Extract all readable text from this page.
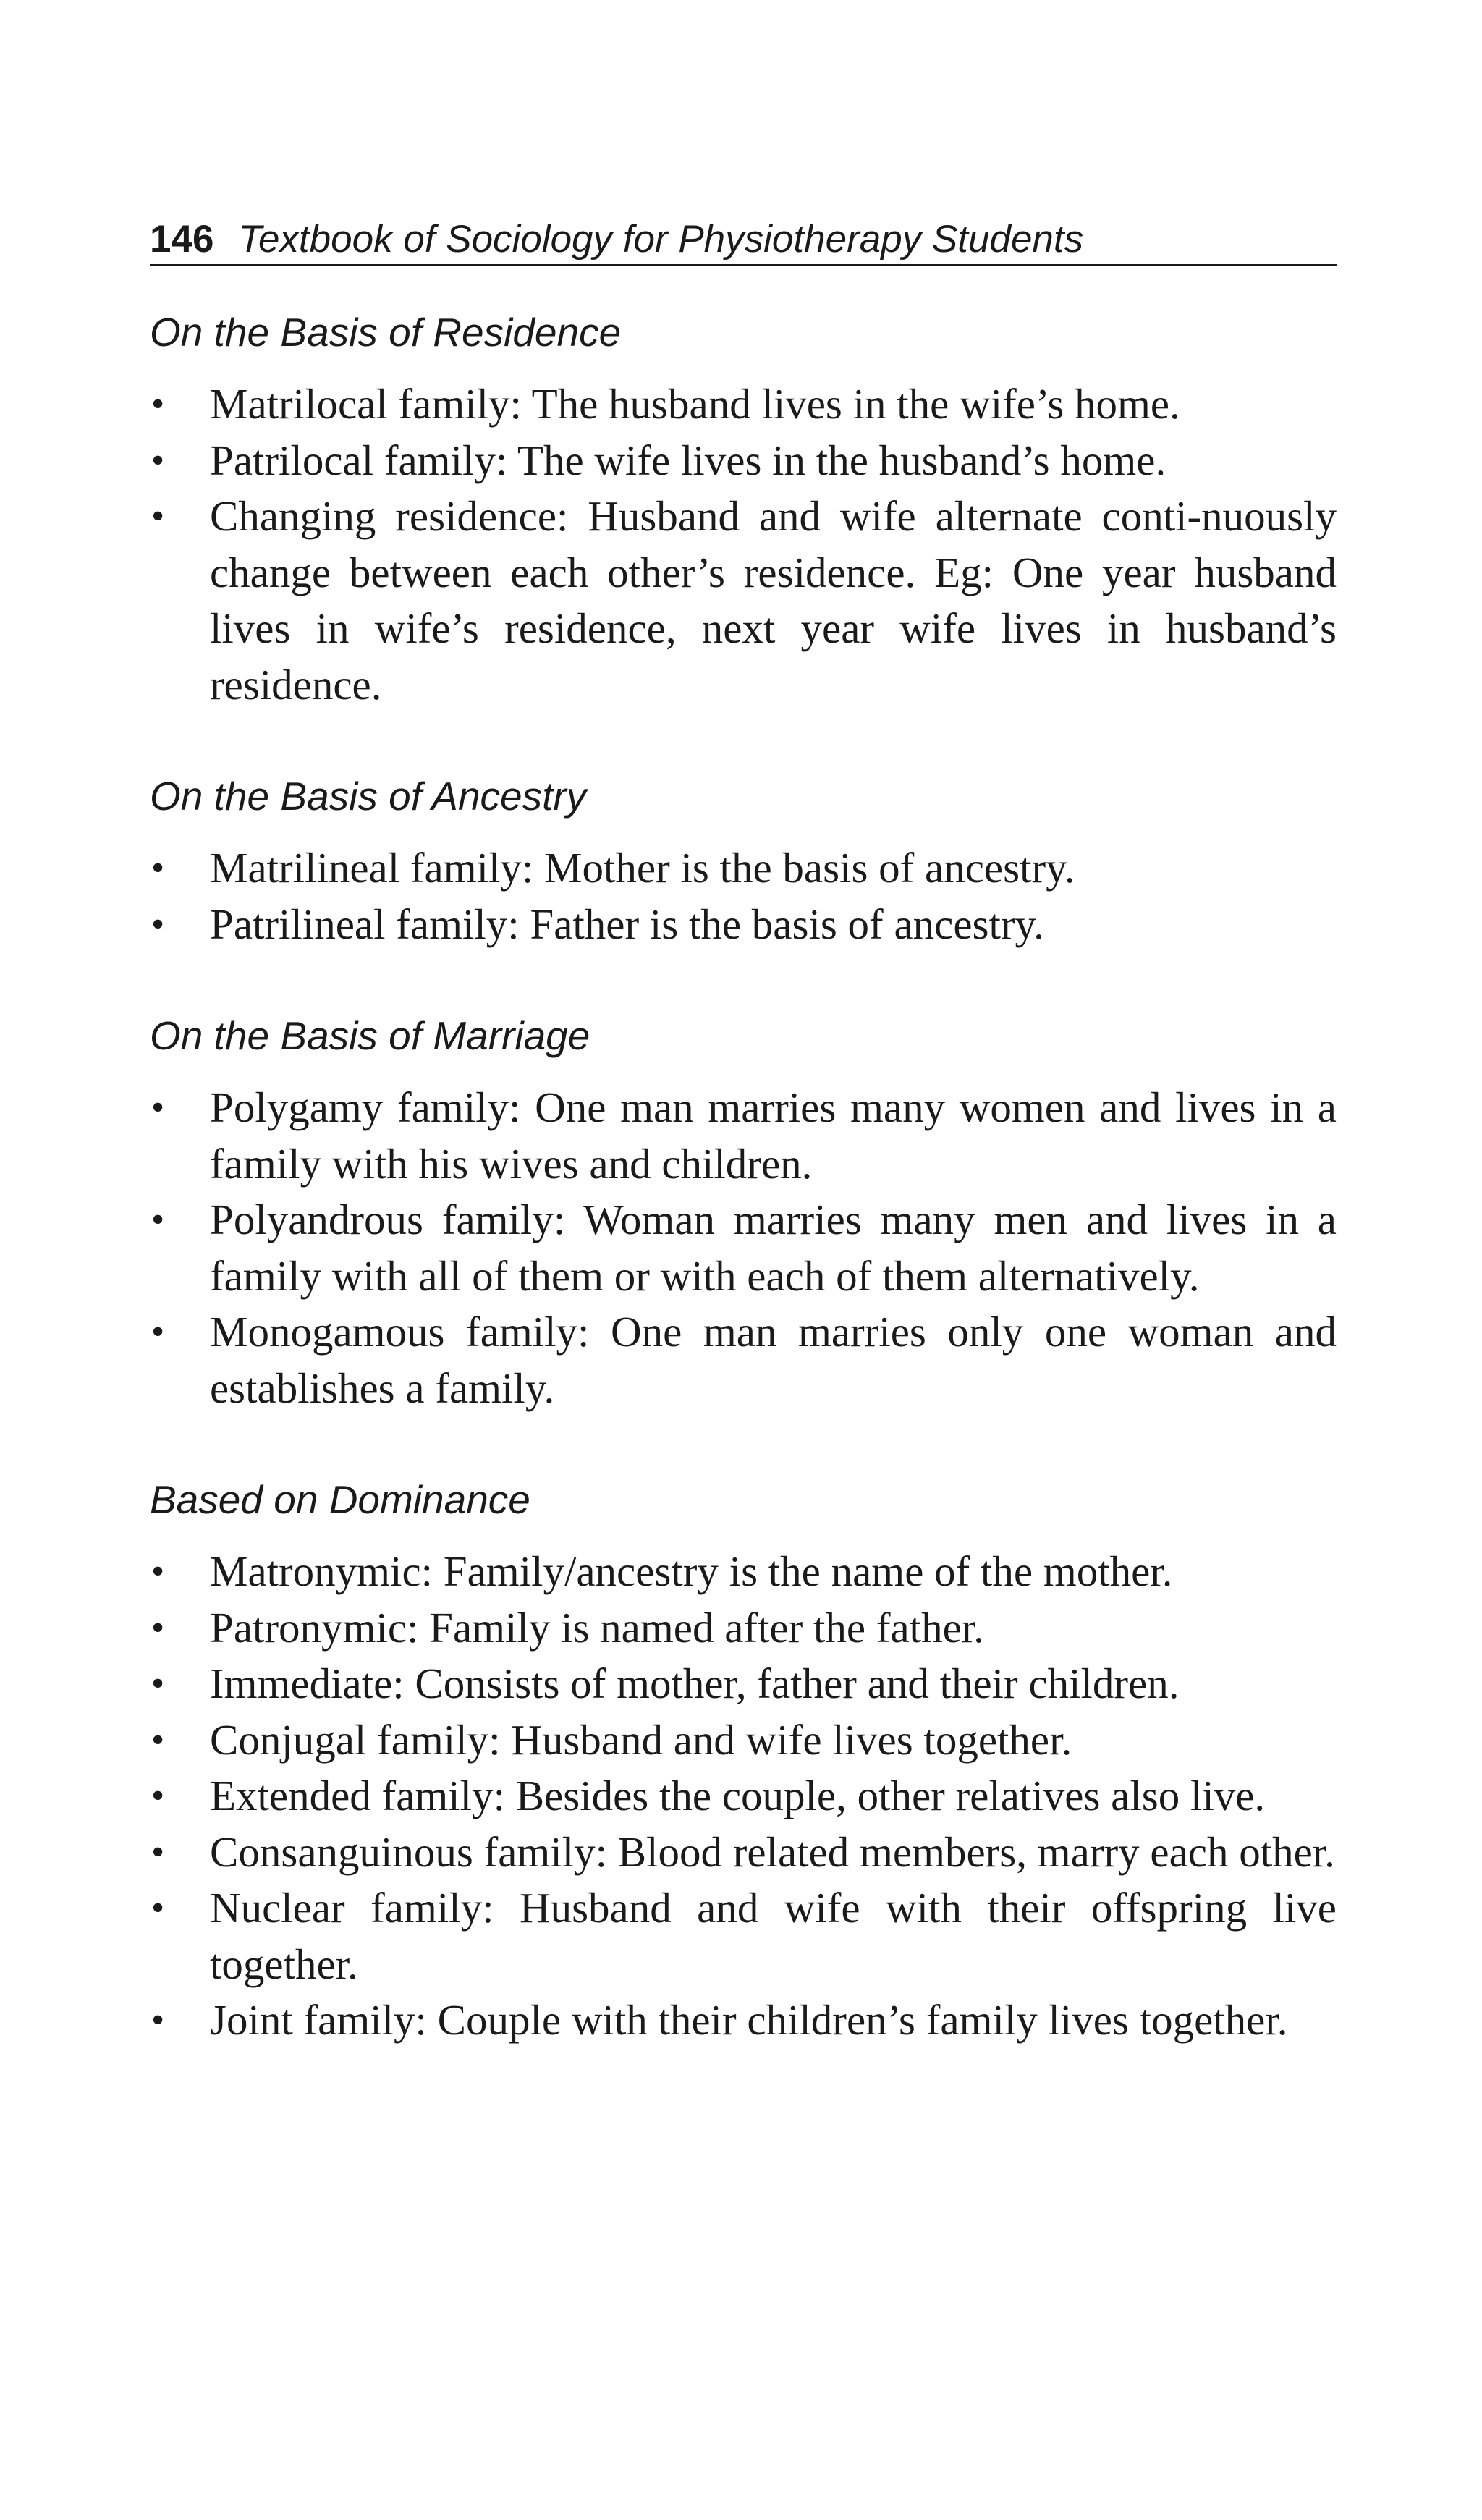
146 Textbook of Sociology for Physiotherapy Students
On the Basis of Residence
• Matrilocal family: The husband lives in the wife’s home.
• Patrilocal family: The wife lives in the husband’s home.
• Changing residence: Husband and wife alternate conti-nuously change between each other’s residence. Eg: One year husband lives in wife’s residence, next year wife lives in husband’s residence.
On the Basis of Ancestry
• Matrilineal family: Mother is the basis of ancestry.
• Patrilineal family: Father is the basis of ancestry.
On the Basis of Marriage
• Polygamy family: One man marries many women and lives in a family with his wives and children.
• Polyandrous family: Woman marries many men and lives in a family with all of them or with each of them alternatively.
• Monogamous family: One man marries only one woman and establishes a family.
Based on Dominance
• Matronymic: Family/ancestry is the name of the mother.
• Patronymic: Family is named after the father.
• Immediate: Consists of mother, father and their children.
• Conjugal family: Husband and wife lives together.
• Extended family: Besides the couple, other relatives also live.
• Consanguinous family: Blood related members, marry each other.
• Nuclear family: Husband and wife with their offspring live together.
• Joint family: Couple with their children’s family lives together.
